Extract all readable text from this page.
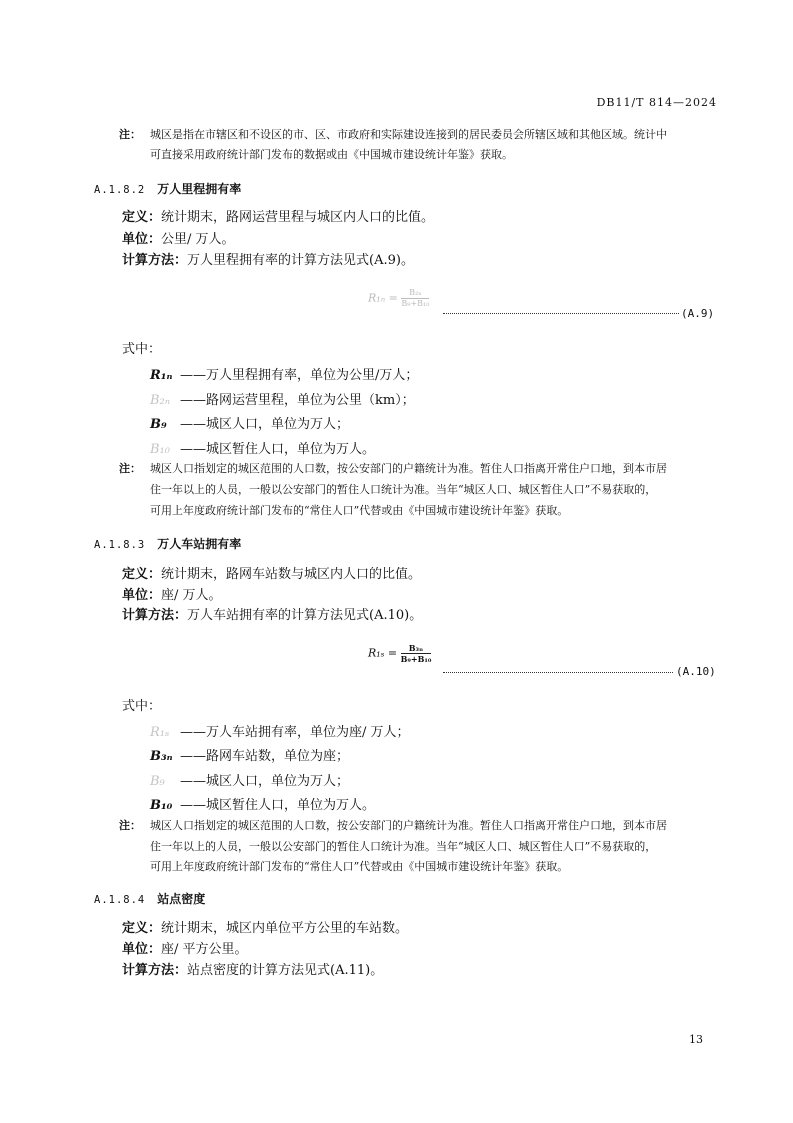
DB11/T 814—2024
注： 城区是指在市辖区和不设区的市、区、市政府和实际建设连接到的居民委员会所辖区域和其他区域。统计中
可直接采用政府统计部门发布的数据或由《中国城市建设统计年鉴》获取。
A.1.8.2 万人里程拥有率
定义：统计期末，路网运营里程与城区内人口的比值。
单位：公里/ 万人。
计算方法：万人里程拥有率的计算方法见式(A.9)。
$R_{1n} = \frac{\text{B₂ₙ}}{\text{B₉+B₁₀}}$
(A.9)
式中：
R₁ₙ ——万人里程拥有率，单位为公里/万人；
B₂ₙ ——路网运营里程，单位为公里（km）；
B₉ ——城区人口，单位为万人；
B₁₀ ——城区暂住人口，单位为万人。
注： 城区人口指划定的城区范围的人口数，按公安部门的户籍统计为准。暂住人口指离开常住户口地，到本市居
住一年以上的人员，一般以公安部门的暂住人口统计为准。当年“城区人口、城区暂住人口”不易获取的，
可用上年度政府统计部门发布的“常住人口”代替或由《中国城市建设统计年鉴》获取。
A.1.8.3 万人车站拥有率
定义：统计期末，路网车站数与城区内人口的比值。
单位：座/ 万人。
计算方法：万人车站拥有率的计算方法见式(A.10)。
$R_{1s} = \frac{\text{B₃ₙ}}{\text{B₉+B₁₀}}$
(A.10)
式中：
R₁ₛ ——万人车站拥有率，单位为座/ 万人；
B₃ₙ ——路网车站数，单位为座；
B₉ ——城区人口，单位为万人；
B₁₀ ——城区暂住人口，单位为万人。
注： 城区人口指划定的城区范围的人口数，按公安部门的户籍统计为准。暂住人口指离开常住户口地，到本市居
住一年以上的人员，一般以公安部门的暂住人口统计为准。当年“城区人口、城区暂住人口”不易获取的，
可用上年度政府统计部门发布的“常住人口”代替或由《中国城市建设统计年鉴》获取。
A.1.8.4 站点密度
定义：统计期末，城区内单位平方公里的车站数。
单位：座/ 平方公里。
计算方法：站点密度的计算方法见式(A.11)。
13
